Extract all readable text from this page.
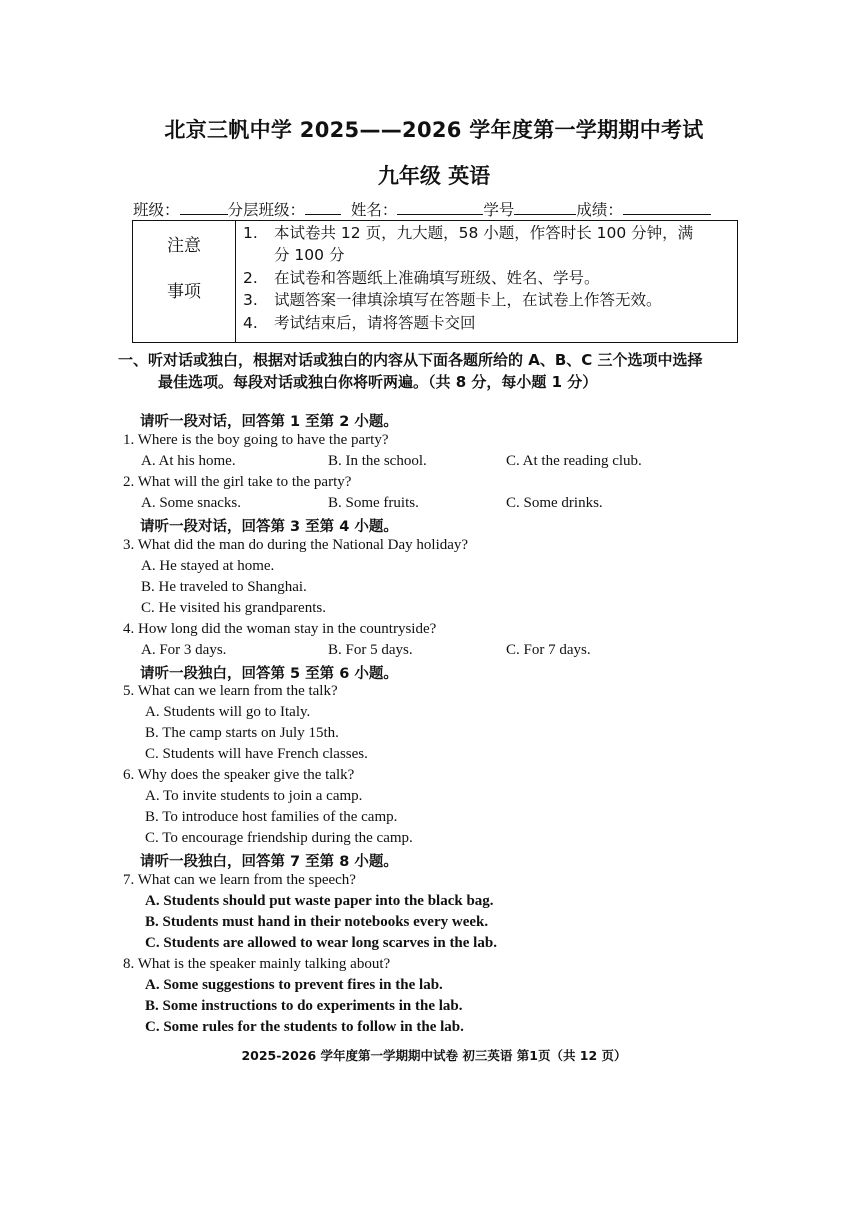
北京三帆中学 2025——2026 学年度第一学期期中考试
九年级 英语
班级：	分层班级：	姓名：	学号	成绩：
注意
事项
1. 本试卷共 12 页，九大题，58 小题，作答时长 100 分钟，满
分 100 分
2. 在试卷和答题纸上准确填写班级、姓名、学号。
3. 试题答案一律填涂填写在答题卡上，在试卷上作答无效。
4. 考试结束后，请将答题卡交回
一、听对话或独白，根据对话或独白的内容从下面各题所给的 A、B、C 三个选项中选择
最佳选项。每段对话或独白你将听两遍。（共 8 分，每小题 1 分）
请听一段对话，回答第 1 至第 2 小题。
1. Where is the boy going to have the party?
A. At his home.	B. In the school.	C. At the reading club.
2. What will the girl take to the party?
A. Some snacks.	B. Some fruits.	C. Some drinks.
请听一段对话，回答第 3 至第 4 小题。
3. What did the man do during the National Day holiday?
A. He stayed at home.
B. He traveled to Shanghai.
C. He visited his grandparents.
4. How long did the woman stay in the countryside?
A. For 3 days.	B. For 5 days.	C. For 7 days.
请听一段独白，回答第 5 至第 6 小题。
5. What can we learn from the talk?
A. Students will go to Italy.
B. The camp starts on July 15th.
C. Students will have French classes.
6. Why does the speaker give the talk?
A. To invite students to join a camp.
B. To introduce host families of the camp.
C. To encourage friendship during the camp.
请听一段独白，回答第 7 至第 8 小题。
7. What can we learn from the speech?
A. Students should put waste paper into the black bag.
B. Students must hand in their notebooks every week.
C. Students are allowed to wear long scarves in the lab.
8. What is the speaker mainly talking about?
A. Some suggestions to prevent fires in the lab.
B. Some instructions to do experiments in the lab.
C. Some rules for the students to follow in the lab.
2025-2026 学年度第一学期期中试卷 初三英语 第1页（共 12 页）
